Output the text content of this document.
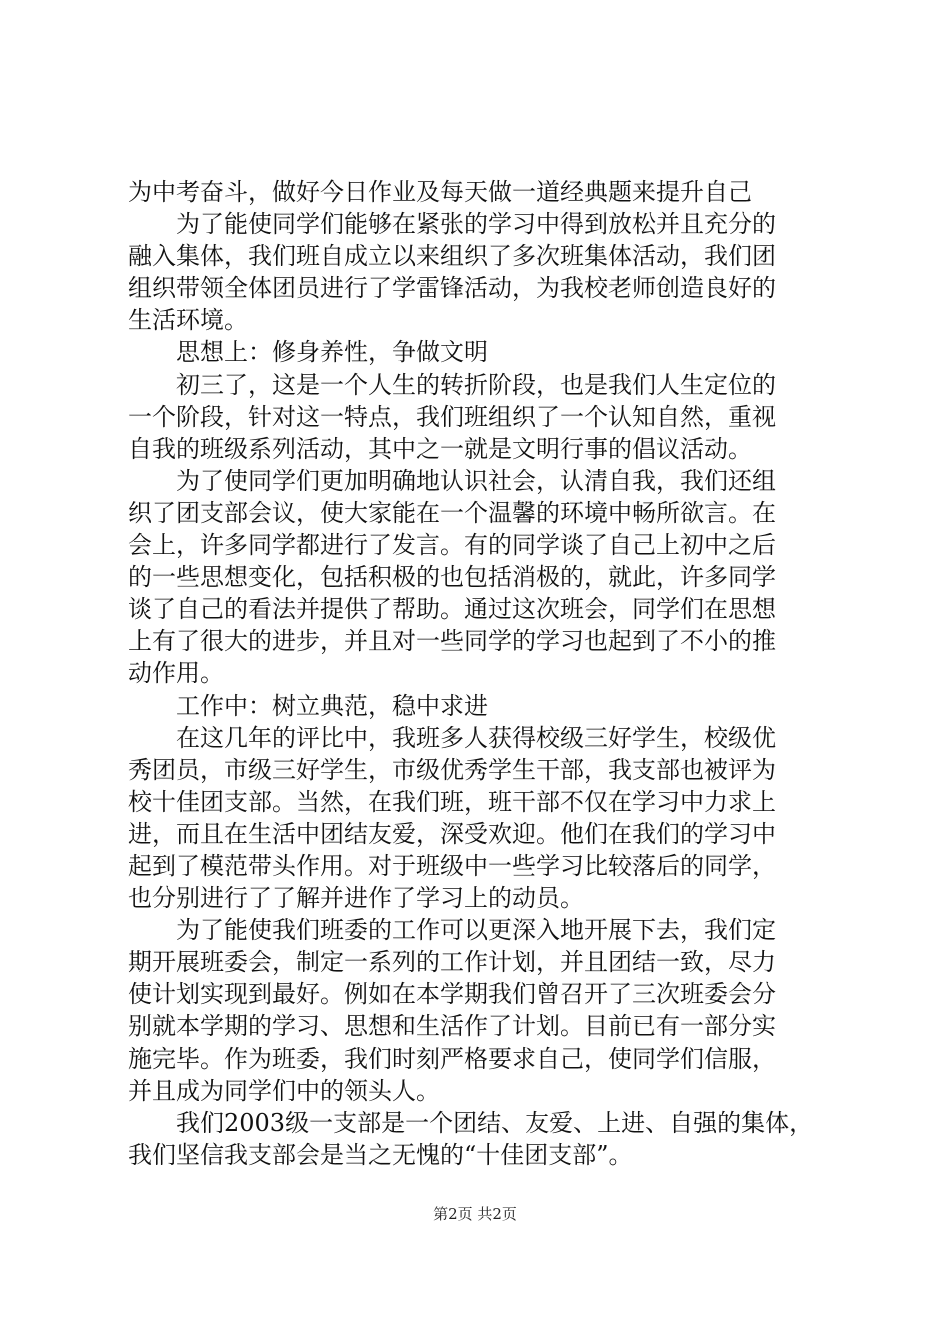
为中考奋斗，做好今日作业及每天做一道经典题来提升自己
为了能使同学们能够在紧张的学习中得到放松并且充分的
融入集体，我们班自成立以来组织了多次班集体活动，我们团
组织带领全体团员进行了学雷锋活动，为我校老师创造良好的
生活环境。
思想上：修身养性，争做文明
初三了，这是一个人生的转折阶段，也是我们人生定位的
一个阶段，针对这一特点，我们班组织了一个认知自然，重视
自我的班级系列活动，其中之一就是文明行事的倡议活动。
为了使同学们更加明确地认识社会，认清自我，我们还组
织了团支部会议，使大家能在一个温馨的环境中畅所欲言。在
会上，许多同学都进行了发言。有的同学谈了自己上初中之后
的一些思想变化，包括积极的也包括消极的，就此，许多同学
谈了自己的看法并提供了帮助。通过这次班会，同学们在思想
上有了很大的进步，并且对一些同学的学习也起到了不小的推
动作用。
工作中：树立典范，稳中求进
在这几年的评比中，我班多人获得校级三好学生，校级优
秀团员，市级三好学生，市级优秀学生干部，我支部也被评为
校十佳团支部。当然，在我们班，班干部不仅在学习中力求上
进，而且在生活中团结友爱，深受欢迎。他们在我们的学习中
起到了模范带头作用。对于班级中一些学习比较落后的同学，
也分别进行了了解并进作了学习上的动员。
为了能使我们班委的工作可以更深入地开展下去，我们定
期开展班委会，制定一系列的工作计划，并且团结一致，尽力
使计划实现到最好。例如在本学期我们曾召开了三次班委会分
别就本学期的学习、思想和生活作了计划。目前已有一部分实
施完毕。作为班委，我们时刻严格要求自己，使同学们信服，
并且成为同学们中的领头人。
我们2003级一支部是一个团结、友爱、上进、自强的集体，
我们坚信我支部会是当之无愧的“十佳团支部”。
第2页 共2页
